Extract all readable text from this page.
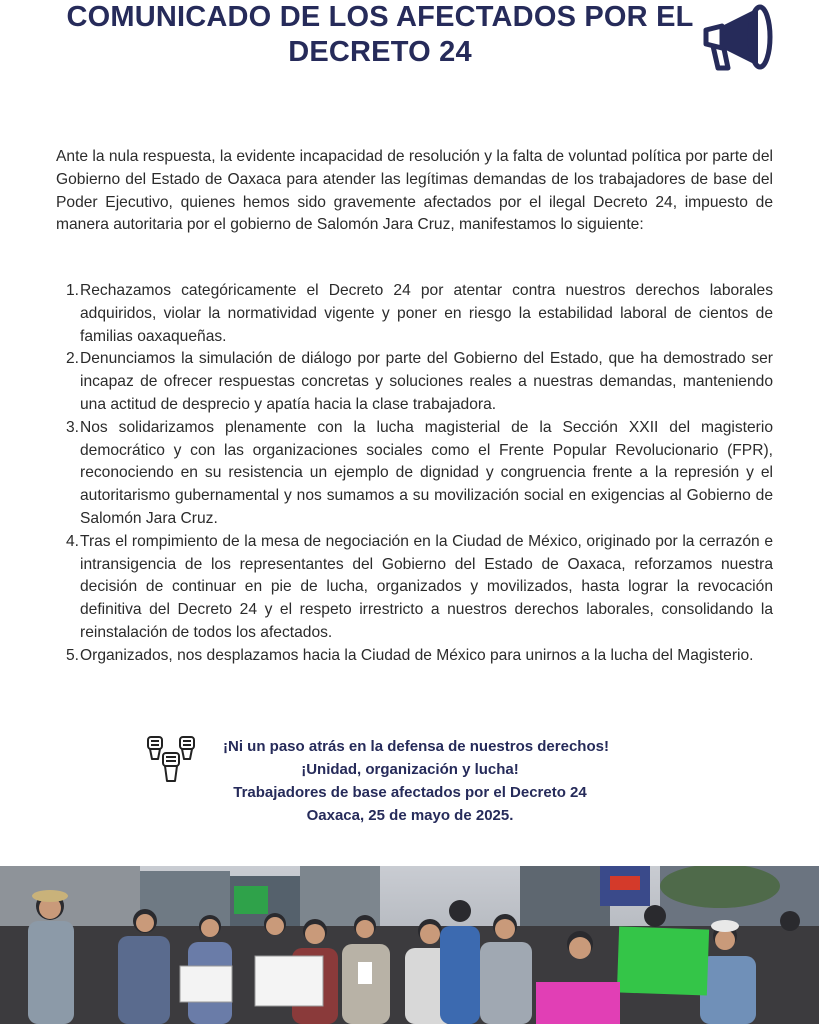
COMUNICADO DE LOS AFECTADOS POR EL
DECRETO 24

Ante la nula respuesta, la evidente incapacidad de resolución y la falta de voluntad política por parte del Gobierno del Estado de Oaxaca para atender las legítimas demandas de los trabajadores de base del Poder Ejecutivo, quienes hemos sido gravemente afectados por el ilegal Decreto 24, impuesto de manera autoritaria por el gobierno de Salomón Jara Cruz, manifestamos lo siguiente:

1. Rechazamos categóricamente el Decreto 24 por atentar contra nuestros derechos laborales adquiridos, violar la normatividad vigente y poner en riesgo la estabilidad laboral de cientos de familias oaxaqueñas.
2. Denunciamos la simulación de diálogo por parte del Gobierno del Estado, que ha demostrado ser incapaz de ofrecer respuestas concretas y soluciones reales a nuestras demandas, manteniendo una actitud de desprecio y apatía hacia la clase trabajadora.
3. Nos solidarizamos plenamente con la lucha magisterial de la Sección XXII del magisterio democrático y con las organizaciones sociales como el Frente Popular Revolucionario (FPR), reconociendo en su resistencia un ejemplo de dignidad y congruencia frente a la represión y el autoritarismo gubernamental y nos sumamos a su movilización social en exigencias al Gobierno de Salomón Jara Cruz.
4. Tras el rompimiento de la mesa de negociación en la Ciudad de México, originado por la cerrazón e intransigencia de los representantes del Gobierno del Estado de Oaxaca, reforzamos nuestra decisión de continuar en pie de lucha, organizados y movilizados, hasta lograr la revocación definitiva del Decreto 24 y el respeto irrestricto a nuestros derechos laborales, consolidando la reinstalación de todos los afectados.
5. Organizados, nos desplazamos hacia la Ciudad de México para unirnos a la lucha del Magisterio.
¡Ni un paso atrás en la defensa de nuestros derechos!
¡Unidad, organización y lucha!
Trabajadores de base afectados por el Decreto 24
Oaxaca, 25 de mayo de 2025.
